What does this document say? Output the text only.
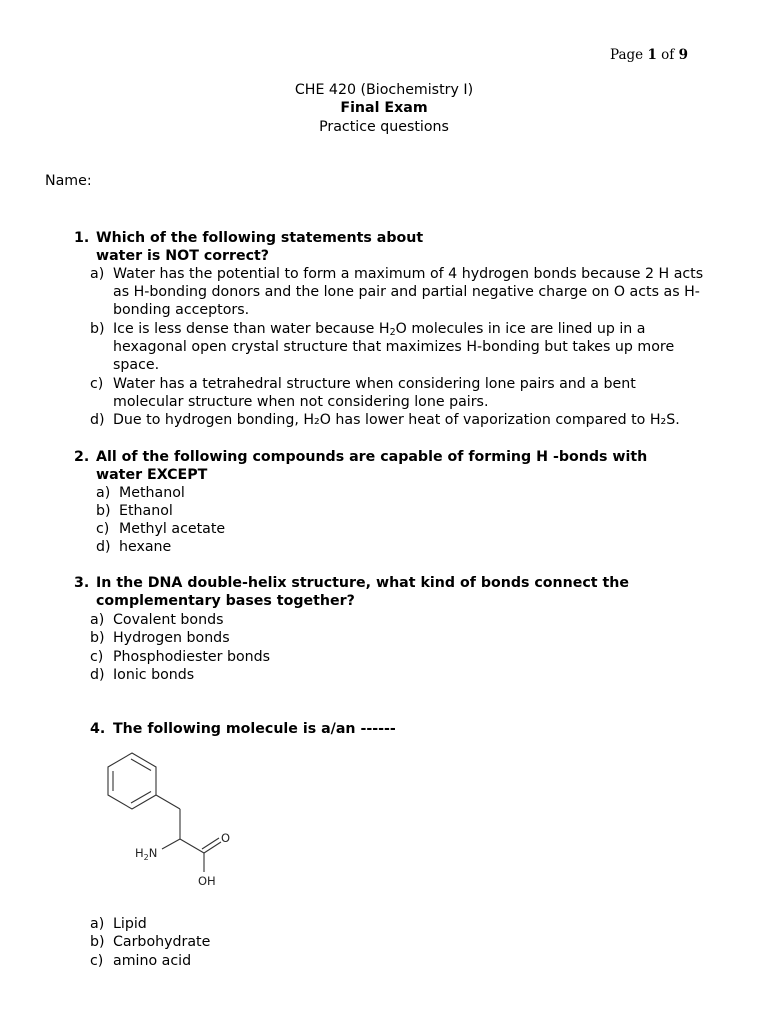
Page 1 of 9
CHE 420 (Biochemistry I)
Final Exam
Practice questions
Name:
1. Which of the following statements about water is NOT correct?
a) Water has the potential to form a maximum of 4 hydrogen bonds because 2 H acts as H-bonding donors and the lone pair and partial negative charge on O acts as H-bonding acceptors.
b) Ice is less dense than water because $H_2O$ molecules in ice are lined up in a hexagonal open crystal structure that maximizes H-bonding but takes up more space.
c) Water has a tetrahedral structure when considering lone pairs and a bent molecular structure when not considering lone pairs.
d) Due to hydrogen bonding, H₂O has lower heat of vaporization compared to H₂S.
2. All of the following compounds are capable of forming H -bonds with water EXCEPT
a) Methanol
b) Ethanol
c) Methyl acetate
d) hexane
3. In the DNA double-helix structure, what kind of bonds connect the complementary bases together?
a) Covalent bonds
b) Hydrogen bonds
c) Phosphodiester bonds
d) Ionic bonds
4. The following molecule is a/an ------
$H_2N$
O
OH
a) Lipid
b) Carbohydrate
c) amino acid
